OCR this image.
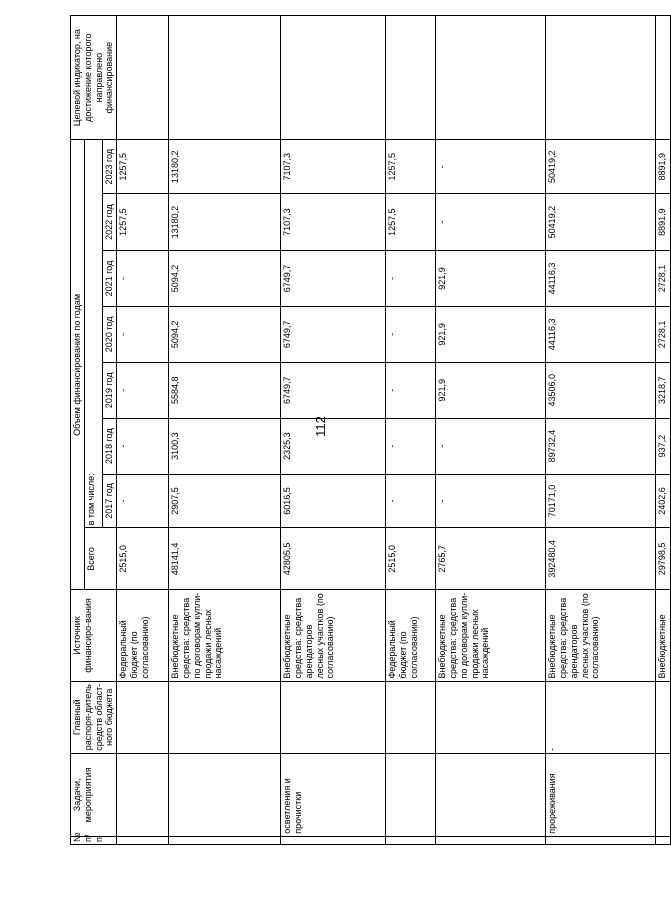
112
№ п/п	Задачи, мероприятия	Главный распоря-дитель средств област-ного бюджета	Источник финансиро-вания	Объем финансирования по годам								Целевой индикатор, на достижение которого направлено финансирование
				Всего	в том числе:							
					2017 год	2018 год	2019 год	2020 год	2021 год	2022 год	2023 год	
			Федеральный бюджет (по согласованию)	2515,0	-	-	-	-	-	1257,5	1257,5	
			Внебюджетные средства: средства по договорам купли-продажи лесных насаждений	48141,4	2907,5	3100,3	5584,8	5094,2	5094,2	13180,2	13180,2	
	осветления и прочистки		Внебюджетные средства: средства арендаторов лесных участков (по согласованию)	42805,5	6016,5	2325,3	6749,7	6749,7	6749,7	7107,3	7107,3	
			Федеральный бюджет (по согласованию)	2515,0	-	-	-	-	-	1257,5	1257,5	
			Внебюджетные средства: средства по договорам купли-продажи лесных насаждений	2765,7	-	-	921,9	921,9	921,9	-	-	
	прореживания	-	Внебюджетные средства: средства арендаторов лесных участков (по согласованию)	392480,4	70171,0	89732,4	43506,0	44116,3	44116,3	50419,2	50419,2	
			Внебюджетные	29798,5	2402,6	937,2	3218,7	2728,1	2728,1	8891,9	8891,9	
